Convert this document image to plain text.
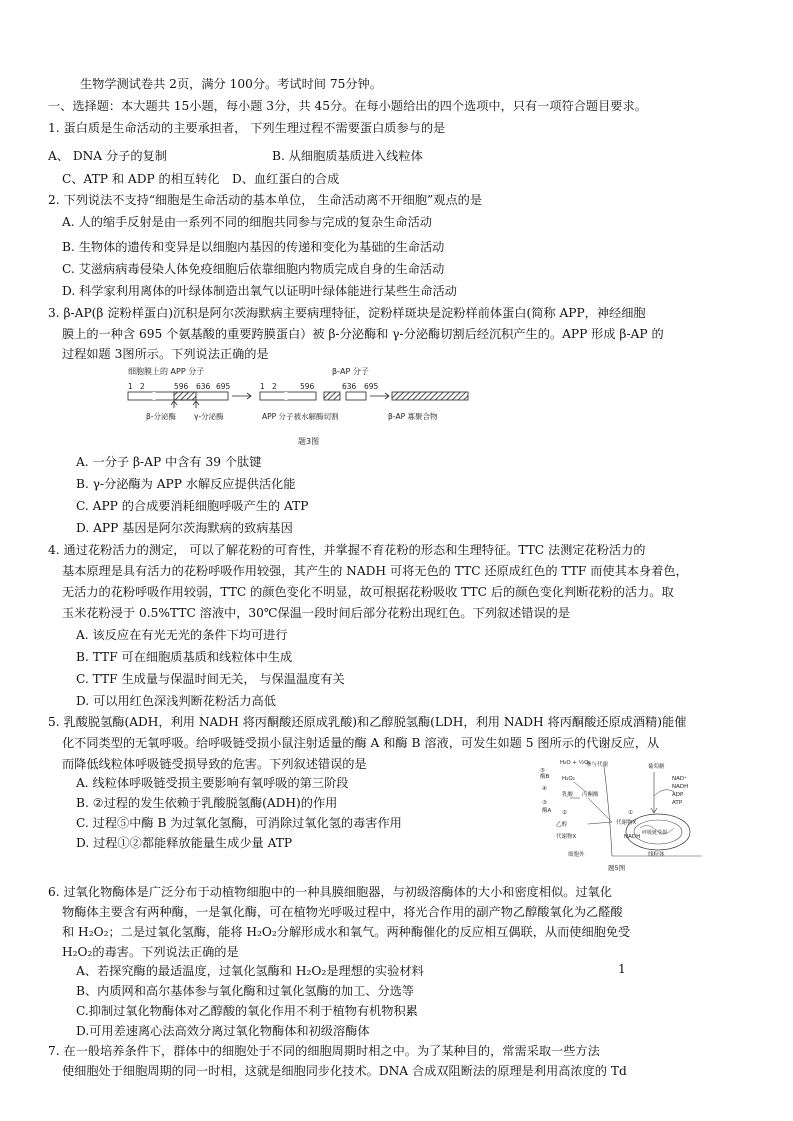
生物学测试卷共 2页，满分 100分。考试时间 75分钟。
一、选择题：本大题共 15小题，每小题 3分，共 45分。在每小题给出的四个选项中，只有一项符合题目要求。
1. 蛋白质是生命活动的主要承担者， 下列生理过程不需要蛋白质参与的是
A、 DNA 分子的复制	B. 从细胞质基质进入线粒体
C、ATP 和 ADP 的相互转化 D、血红蛋白的合成
2. 下列说法不支持“细胞是生命活动的基本单位， 生命活动离不开细胞”观点的是
A. 人的缩手反射是由一系列不同的细胞共同参与完成的复杂生命活动
B. 生物体的遗传和变异是以细胞内基因的传递和变化为基础的生命活动
C. 艾滋病病毒侵染人体免疫细胞后依靠细胞内物质完成自身的生命活动
D. 科学家利用离体的叶绿体制造出氧气以证明叶绿体能进行某些生命活动
3. β-AP(β 淀粉样蛋白)沉积是阿尔茨海默病主要病理特征，淀粉样斑块是淀粉样前体蛋白(简称 APP，神经细胞
膜上的一种含 695 个氨基酸的重要跨膜蛋白）被 β-分泌酶和 γ-分泌酶切割后经沉积产生的。APP 形成 β-AP 的
过程如题 3图所示。下列说法正确的是
细胞膜上的 APP 分子
1 2	596 636 695
β-分泌酶 γ-分泌酶
β-AP 分子
1 2	596	636 695
APP 分子被水解酶切割	β-AP 寡聚合物
题3图
A. 一分子 β-AP 中含有 39 个肽键
B. γ-分泌酶为 APP 水解反应提供活化能
C. APP 的合成要消耗细胞呼吸产生的 ATP
D. APP 基因是阿尔茨海默病的致病基因
4. 通过花粉活力的测定， 可以了解花粉的可育性，并掌握不育花粉的形态和生理特征。TTC 法测定花粉活力的
基本原理是具有活力的花粉呼吸作用较强，其产生的 NADH 可将无色的 TTC 还原成红色的 TTF 而使其本身着色，
无活力的花粉呼吸作用较弱，TTC 的颜色变化不明显，故可根据花粉吸收 TTC 后的颜色变化判断花粉的活力。取
玉米花粉浸于 0.5%TTC 溶液中，30℃保温一段时间后部分花粉出现红色。下列叙述错误的是
A. 该反应在有光无光的条件下均可进行
B. TTF 可在细胞质基质和线粒体中生成
C. TTF 生成量与保温时间无关， 与保温温度有关
D. 可以用红色深浅判断花粉活力高低
5. 乳酸脱氢酶(ADH，利用 NADH 将丙酮酸还原成乳酸)和乙醇脱氢酶(LDH，利用 NADH 将丙酮酸还原成酒精)能催
化不同类型的无氧呼吸。给呼吸链受损小鼠注射适量的酶 A 和酶 B 溶液，可发生如题 5 图所示的代谢反应，从
而降低线粒体呼吸链受损导致的危害。下列叙述错误的是
A. 线粒体呼吸链受损主要影响有氧呼吸的第三阶段
B. ②过程的发生依赖于乳酸脱氢酶(ADH)的作用
C. 过程⑤中酶 B 为过氧化氢酶，可消除过氧化氢的毒害作用
D. 过程①②都能释放能量生成少量 ATP
H₂O + ½O₂
参与代谢
⑤
酶B H₂O₂
④
乳酸 丙酮酸
③
酶A ②
乙醇
代谢物X
代谢物X
①
葡萄糖
NAD⁺
NADH
ADP
ATP
NADH
细胞外	线粒体
呼吸链受损
题5图
6. 过氧化物酶体是广泛分布于动植物细胞中的一种具膜细胞器，与初级溶酶体的大小和密度相似。过氧化
物酶体主要含有两种酶，一是氧化酶，可在植物光呼吸过程中，将光合作用的副产物乙醇酸氧化为乙醛酸
和 H₂O₂；二是过氧化氢酶，能将 H₂O₂分解形成水和氧气。两种酶催化的反应相互偶联，从而使细胞免受
H₂O₂的毒害。下列说法正确的是
A、若探究酶的最适温度，过氧化氢酶和 H₂O₂是理想的实验材料	1
B、内质网和高尔基体参与氧化酶和过氧化氢酶的加工、分选等
C.抑制过氧化物酶体对乙醇酸的氧化作用不利于植物有机物积累
D.可用差速离心法高效分离过氧化物酶体和初级溶酶体
7. 在一般培养条件下，群体中的细胞处于不同的细胞周期时相之中。为了某种目的，常需采取一些方法
使细胞处于细胞周期的同一时相，这就是细胞同步化技术。DNA 合成双阻断法的原理是利用高浓度的 Td
